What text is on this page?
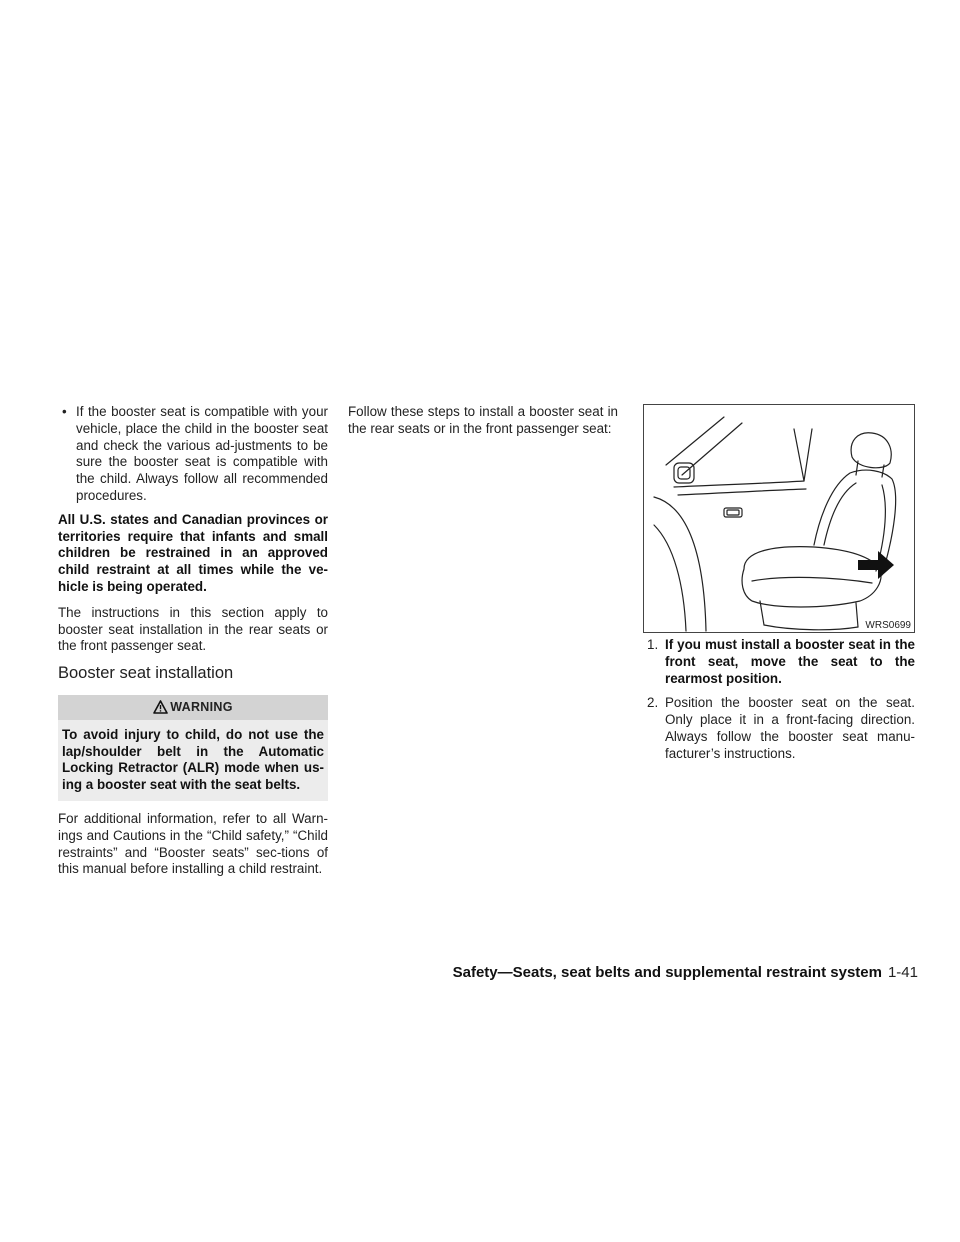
• If the booster seat is compatible with your vehicle, place the child in the booster seat and check the various ad-justments to be sure the booster seat is compatible with the child. Always follow all recommended procedures.

All U.S. states and Canadian provinces or territories require that infants and small children be restrained in an approved child restraint at all times while the ve-hicle is being operated.

The instructions in this section apply to booster seat installation in the rear seats or the front passenger seat.

Booster seat installation
WARNING
To avoid injury to child, do not use the lap/shoulder belt in the Automatic Locking Retractor (ALR) mode when us-ing a booster seat with the seat belts.

For additional information, refer to all Warn-ings and Cautions in the “Child safety,” “Child restraints” and “Booster seats” sec-tions of this manual before installing a child restraint.

Follow these steps to install a booster seat in the rear seats or in the front passenger seat:

WRS0699
1. If you must install a booster seat in the front seat, move the seat to the rearmost position.
2. Position the booster seat on the seat. Only place it in a front-facing direction. Always follow the booster seat manu-facturer’s instructions.
Safety—Seats, seat belts and supplemental restraint system 1-41
